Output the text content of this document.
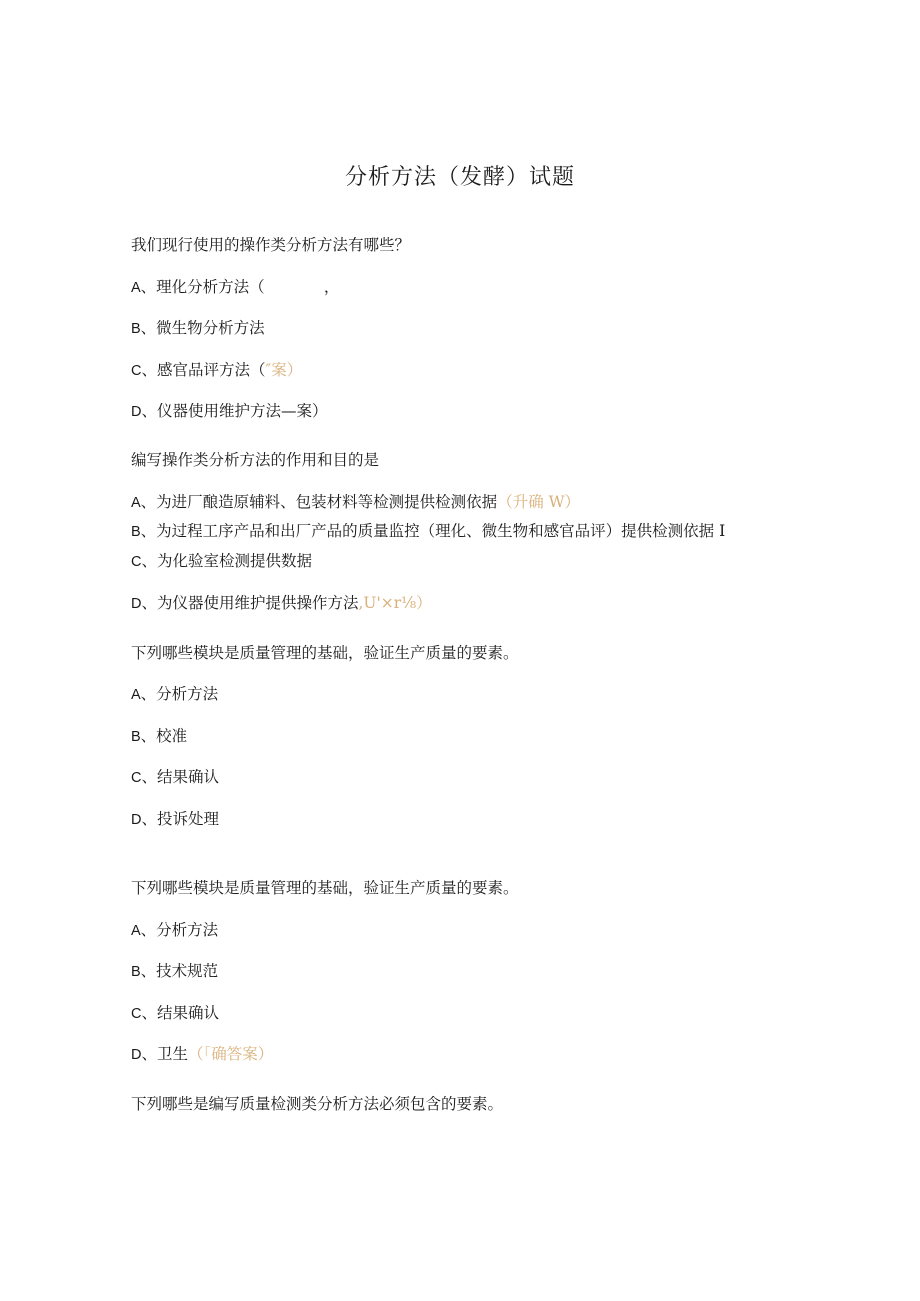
分析方法（发酵）试题
我们现行使用的操作类分析方法有哪些？
A、理化分析方法（	，
B、微生物分析方法
C、感官品评方法（″案）
D、仪器使用维护方法—案）
编写操作类分析方法的作用和目的是
A、为进厂酿造原辅料、包装材料等检测提供检测依据（升确 W）
B、为过程工序产品和出厂产品的质量监控（理化、微生物和感官品评）提供检测依据 I
C、为化验室检测提供数据
D、为仪器使用维护提供操作方法,U'×r⅛）
下列哪些模块是质量管理的基础，验证生产质量的要素。
A、分析方法
B、校准
C、结果确认
D、投诉处理
下列哪些模块是质量管理的基础，验证生产质量的要素。
A、分析方法
B、技术规范
C、结果确认
D、卫生（「确答案）
下列哪些是编写质量检测类分析方法必须包含的要素。
